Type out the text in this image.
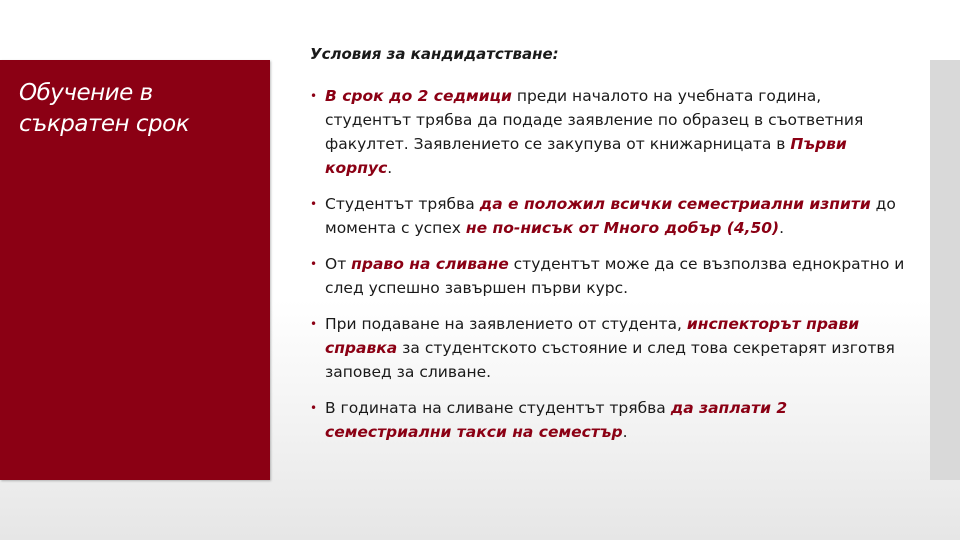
Обучение в
съкратен срок

Условия за кандидатстване:

• В срок до 2 седмици преди началото на учебната година, студентът трябва да подаде заявление по образец в съответния факултет. Заявлението се закупува от книжарницата в Първи корпус.
• Студентът трябва да е положил всички семестриални изпити до момента с успех не по-нисък от Много добър (4,50).
• От право на сливане студентът може да се възползва еднократно и след успешно завършен първи курс.
• При подаване на заявлението от студента, инспекторът прави справка за студентското състояние и след това секретарят изготвя заповед за сливане.
• В годината на сливане студентът трябва да заплати 2 семестриални такси на семестър.
